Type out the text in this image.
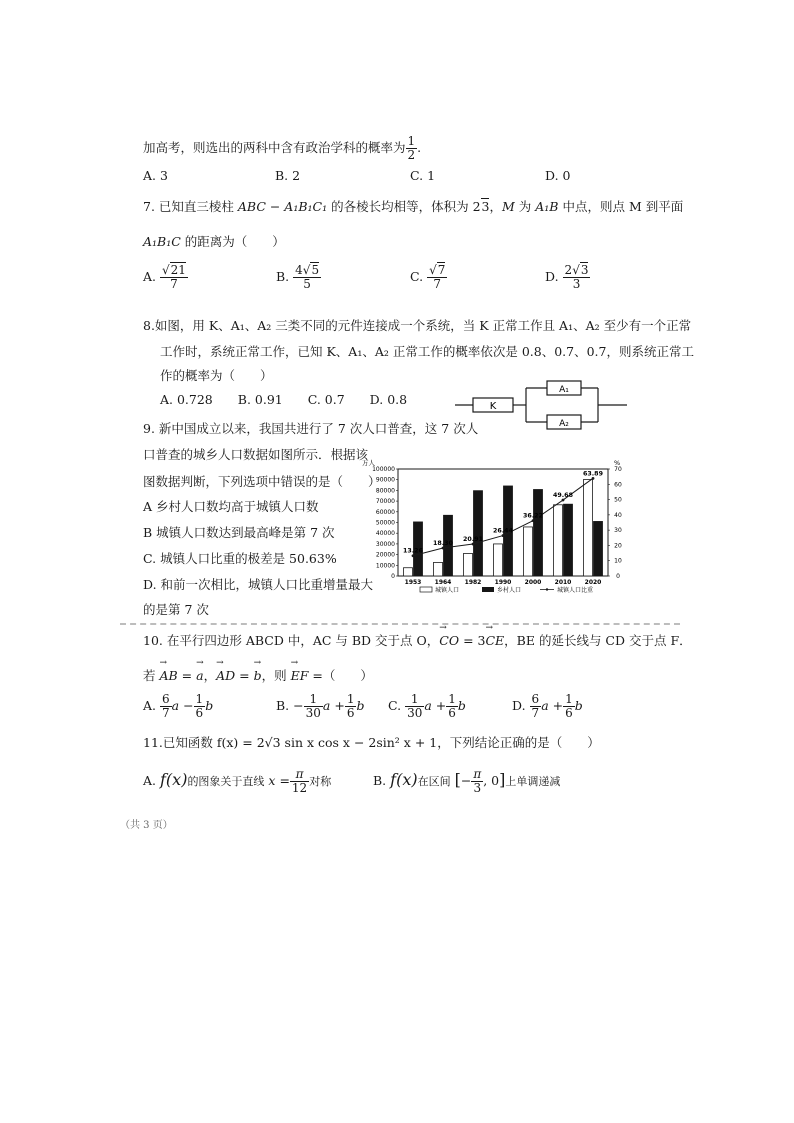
加高考，则选出的两科中含有政治学科的概率为 $\frac{1}{2}$ .
A. 3	B. 2	C. 1	D. 0
7. 已知直三棱柱 ABC − A₁B₁C₁ 的各棱长均相等，体积为 23，M 为 A₁B 中点，则点 M 到平面
A₁B₁C 的距离为（　　）
A. $\frac{√21}{7}$	B. $\frac{4√5}{5}$	C. $\frac{√7}{7}$	D. $\frac{2√3}{3}$
8.如图，用 K、A₁、A₂ 三类不同的元件连接成一个系统，当 K 正常工作且 A₁、A₂ 至少有一个正常
工作时，系统正常工作，已知 K、A₁、A₂ 正常工作的概率依次是 0.8、0.7、0.7，则系统正常工
作的概率为（　　）
A. 0.728　　B. 0.91　　C. 0.7　　D. 0.8	K
A₁
A₂
9. 新中国成立以来，我国共进行了 7 次人口普查，这 7 次人
口普查的城乡人口数据如图所示．根据该
图数据判断，下列选项中错误的是（　　）
A 乡村人口数均高于城镇人口数
B 城镇人口数达到最高峰是第 7 次
C. 城镇人口比重的极差是 50.63%
D. 和前一次相比，城镇人口比重增量最大
的是第 7 次
万人	%
0
10000
20000
30000
40000
50000
60000
70000
80000
90000
100000
0
10
20
30
40
50
60
70
1953 1964 1982 1990 2000 2010 2020
13.26
18.30
20.91
26.44
36.22
49.68
63.89
城镇人口	乡村人口	城镇人口比重
10. 在平行四边形 ABCD 中，AC 与 BD 交于点 O，→ CO = 3→ CE，BE 的延长线与 CD 交于点 F．
若 → AB = → a，→ AD = → b，则 → EF =（　　）
A. $\frac{6}{7}$ $a - \frac{1}{6}$ b	B. − $\frac{1}{30}$ $a + \frac{1}{6}$ b C. $\frac{1}{30}$ $a + \frac{1}{6}$ b	D. $\frac{6}{7}$ $a + \frac{1}{6}$ b
11.已知函数 f(x) = 2√3 sin x cos x − 2sin² x + 1，下列结论正确的是（　　）
A. f(x)的图象关于直线 $x = \frac{\pi}{12}$ 对称	B. f(x)在区间 [− $\frac{\pi}{3}$ , 0]上单调递减
（共 3 页）
